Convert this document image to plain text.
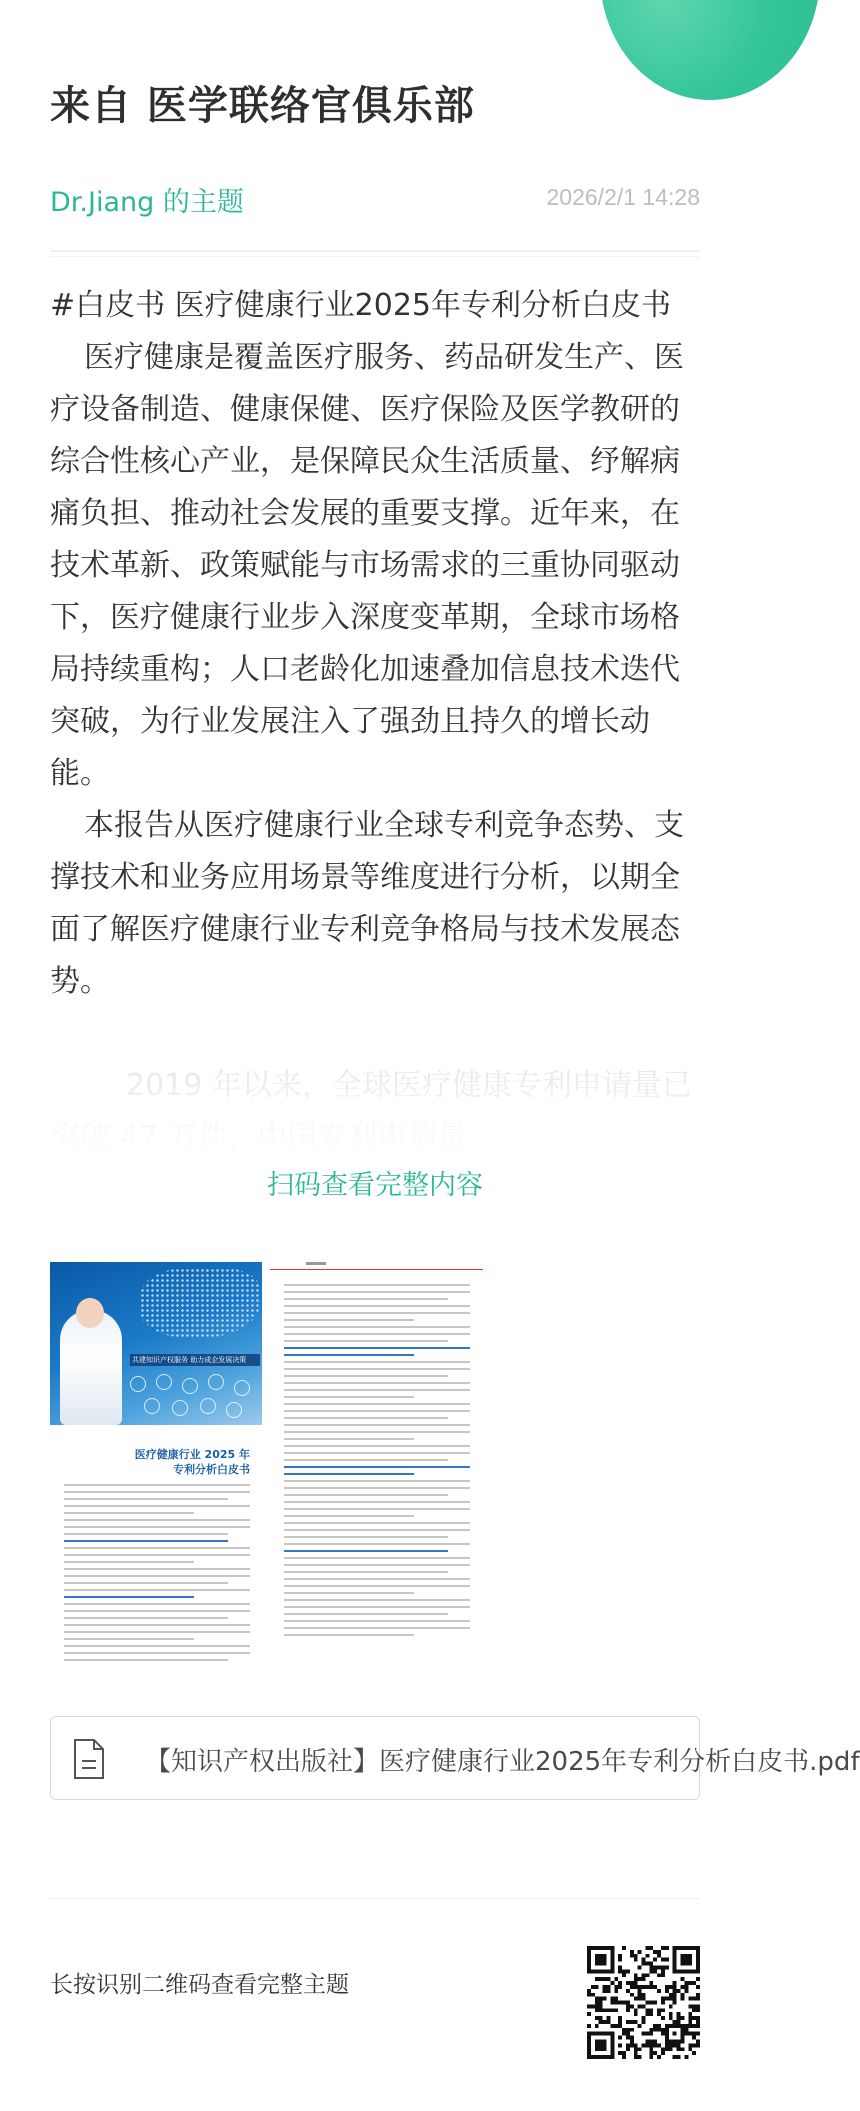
来自 医学联络官俱乐部
Dr.Jiang 的主题	2026/2/1 14:28

#白皮书 医疗健康行业2025年专利分析白皮书

医疗健康是覆盖医疗服务、药品研发生产、医疗设备制造、健康保健、医疗保险及医学教研的综合性核心产业，是保障民众生活质量、纾解病痛负担、推动社会发展的重要支撑。近年来，在技术革新、政策赋能与市场需求的三重协同驱动下，医疗健康行业步入深度变革期，全球市场格局持续重构；人口老龄化加速叠加信息技术迭代突破，为行业发展注入了强劲且持久的增长动能。

本报告从医疗健康行业全球专利竞争态势、支撑技术和业务应用场景等维度进行分析，以期全面了解医疗健康行业专利竞争格局与技术发展态势。

扫码查看完整内容
共建知识产权服务 助力成企发展决策
医疗健康行业 2025 年
专利分析白皮书
【知识产权出版社】医疗健康行业2025年专利分析白皮书.pdf
长按识别二维码查看完整主题
